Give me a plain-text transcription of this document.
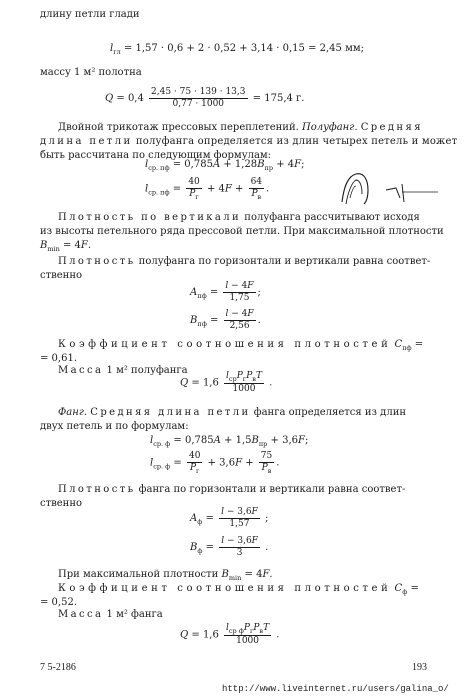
длину петли глади
$l_{гл} = 1,57 \cdot 0,6 + 2 \cdot 0,52 + 3,14 \cdot 0,15 = 2,45$ мм;
массу 1 м² полотна
$Q = 0,4 \frac{2,45 \cdot 75 \cdot 139 \cdot 13,3}{0,77 \cdot 1000} = 175,4$ г.
Двойной трикотаж прессовых переплетений. Полуфанг. Средняя
длина петли полуфанга определяется из длин четырех петель и может
быть рассчитана по следующим формулам:
$l_{ср. пф} = 0,785A + 1,28B_{пр} + 4F$;
$l_{ср. пф} = \frac{40}{P_г} + 4F + \frac{64}{P_в}$ .
Плотность по вертикали полуфанга рассчитывают исходя
из высоты петельного ряда прессовой петли. При максимальной плотности
$B_{min} = 4F$.
Плотность полуфанга по горизонтали и вертикали равна соответ-
ственно
$A_{пф} = \frac{l - 4F}{1,75}$ ;
$B_{пф} = \frac{l - 4F}{2,56}$ .
Коэффициент соотношения плотностей $C_{пф}$ =
= 0,61.
Масса 1 м² полуфанга
$Q = 1,6 \frac{l_{ср}P_гP_вT}{1000}$ .
Фанг. Средняя длина петли фанга определяется из длин
двух петель и по формулам:
$l_{ср. ф} = 0,785A + 1,5B_{пр} + 3,6F$;
$l_{ср. ф} = \frac{40}{P_г} + 3,6F + \frac{75}{P_в}$ .
Плотность фанга по горизонтали и вертикали равна соответ-
ственно
$A_ф = \frac{l - 3,6F}{1,57}$ ;
$B_ф = \frac{l - 3,6F}{3}$ .
При максимальной плотности $B_{min} = 4F$.
Коэффициент соотношения плотностей $C_ф$ =
= 0,52.
Масса 1 м² фанга
$Q = 1,6 \frac{l_{ср ф}P_гP_вT}{1000}$ .
7 5-2186	193
http://www.liveinternet.ru/users/galina_o/
